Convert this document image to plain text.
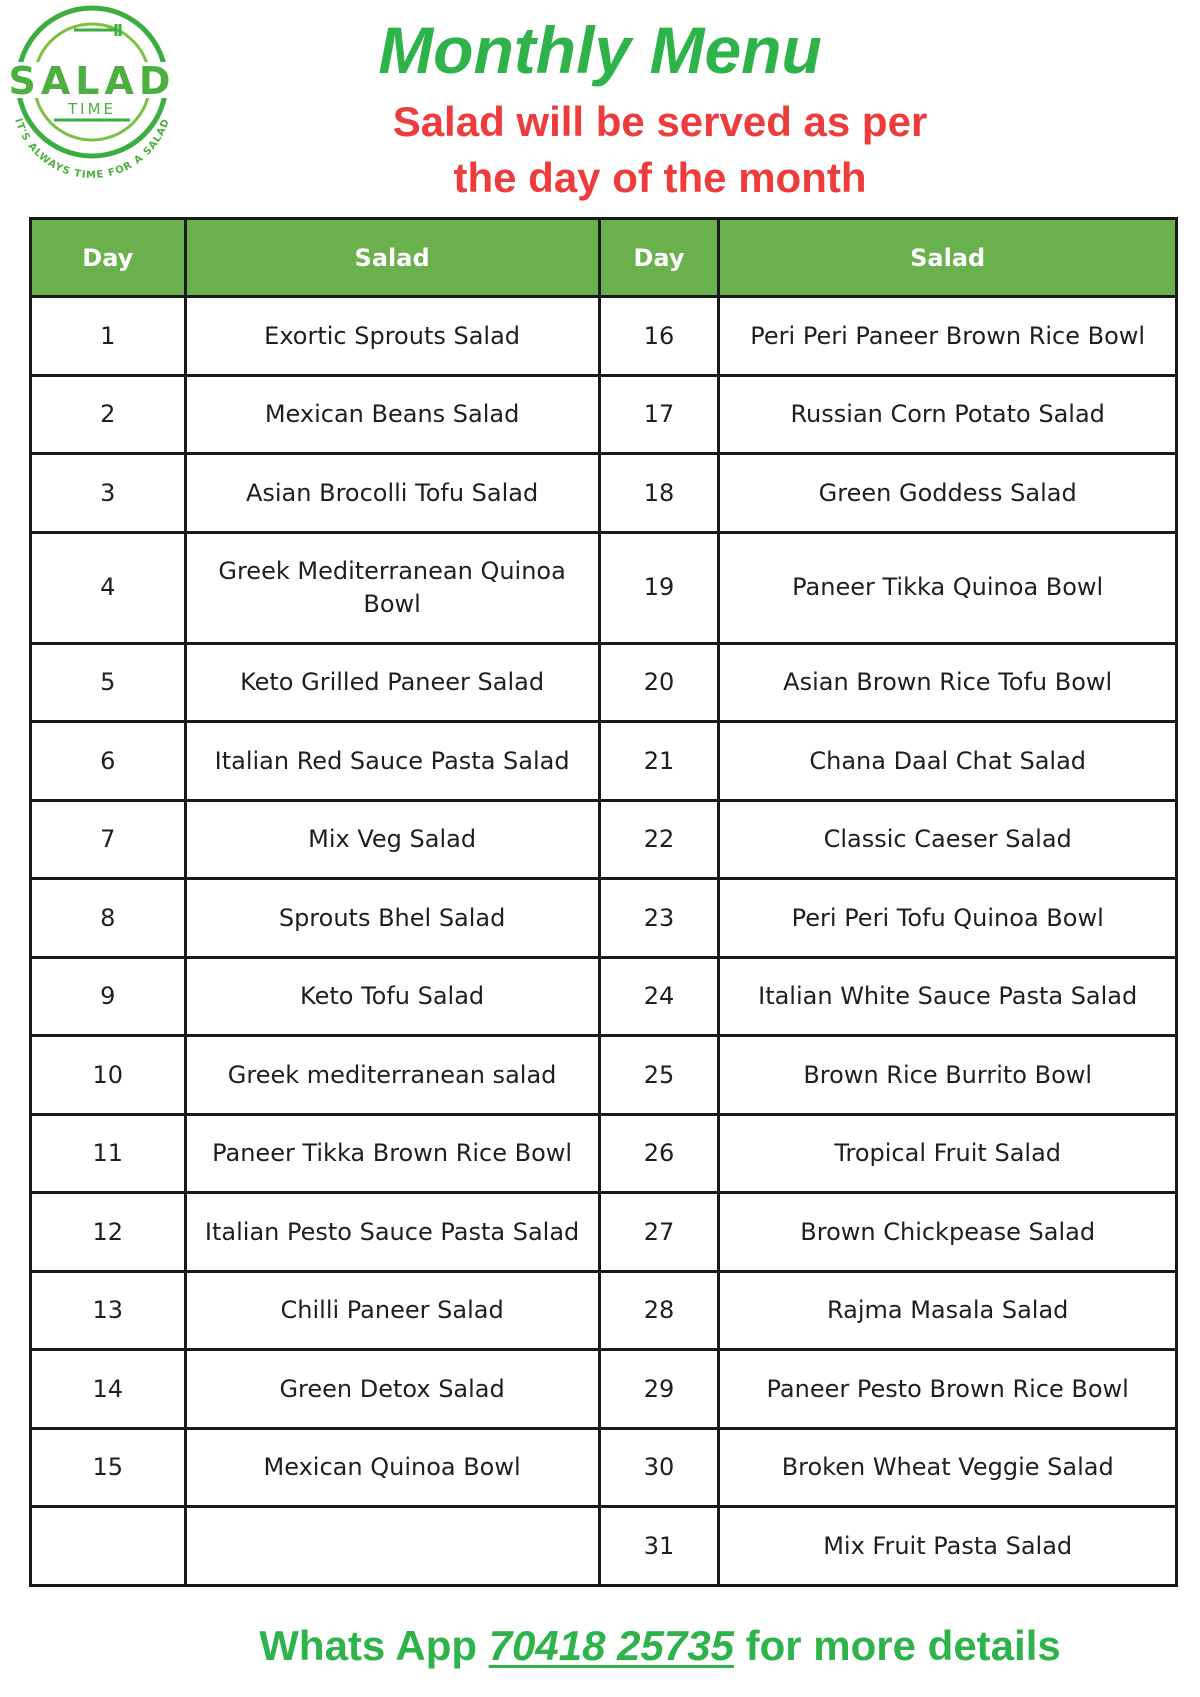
SALAD
TIME
IT'S ALWAYS TIME FOR A SALAD
Monthly Menu
Salad will be served as per
the day of the month
Day	Salad	Day	Salad
1	Exortic Sprouts Salad	16	Peri Peri Paneer Brown Rice Bowl
2	Mexican Beans Salad	17	Russian Corn Potato Salad
3	Asian Brocolli Tofu Salad	18	Green Goddess Salad
4	Greek Mediterranean Quinoa Bowl	19	Paneer Tikka Quinoa Bowl
5	Keto Grilled Paneer Salad	20	Asian Brown Rice Tofu Bowl
6	Italian Red Sauce Pasta Salad	21	Chana Daal Chat Salad
7	Mix Veg Salad	22	Classic Caeser Salad
8	Sprouts Bhel Salad	23	Peri Peri Tofu Quinoa Bowl
9	Keto Tofu Salad	24	Italian White Sauce Pasta Salad
10	Greek mediterranean salad	25	Brown Rice Burrito Bowl
11	Paneer Tikka Brown Rice Bowl	26	Tropical Fruit Salad
12	Italian Pesto Sauce Pasta Salad	27	Brown Chickpease Salad
13	Chilli Paneer Salad	28	Rajma Masala Salad
14	Green Detox Salad	29	Paneer Pesto Brown Rice Bowl
15	Mexican Quinoa Bowl	30	Broken Wheat Veggie Salad
		31	Mix Fruit Pasta Salad
Whats App 70418 25735 for more details
